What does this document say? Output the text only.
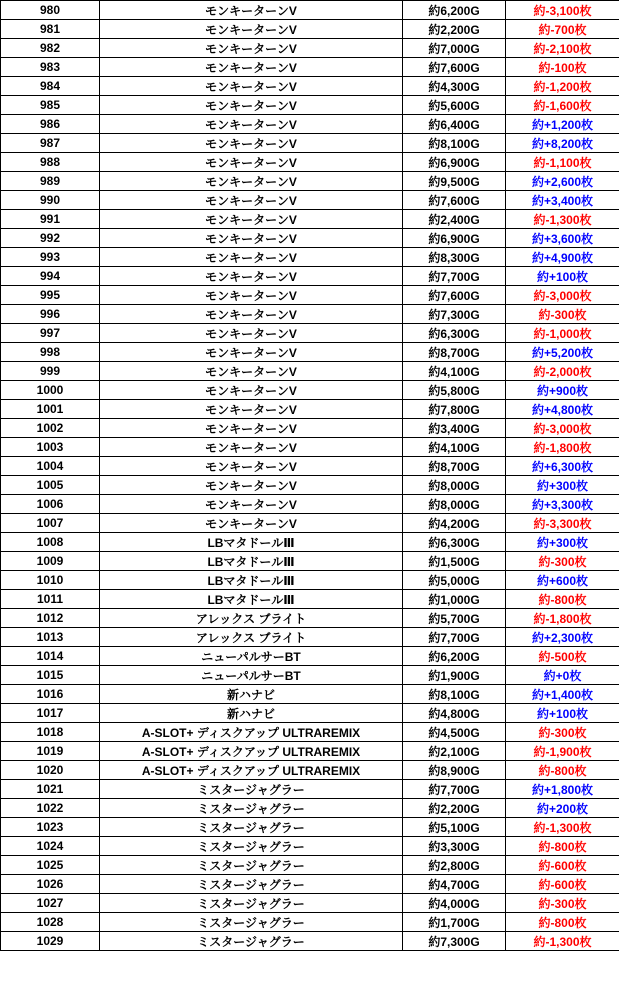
980	モンキーターンV	約6,200G	約-3,100枚
981	モンキーターンV	約2,200G	約-700枚
982	モンキーターンV	約7,000G	約-2,100枚
983	モンキーターンV	約7,600G	約-100枚
984	モンキーターンV	約4,300G	約-1,200枚
985	モンキーターンV	約5,600G	約-1,600枚
986	モンキーターンV	約6,400G	約+1,200枚
987	モンキーターンV	約8,100G	約+8,200枚
988	モンキーターンV	約6,900G	約-1,100枚
989	モンキーターンV	約9,500G	約+2,600枚
990	モンキーターンV	約7,600G	約+3,400枚
991	モンキーターンV	約2,400G	約-1,300枚
992	モンキーターンV	約6,900G	約+3,600枚
993	モンキーターンV	約8,300G	約+4,900枚
994	モンキーターンV	約7,700G	約+100枚
995	モンキーターンV	約7,600G	約-3,000枚
996	モンキーターンV	約7,300G	約-300枚
997	モンキーターンV	約6,300G	約-1,000枚
998	モンキーターンV	約8,700G	約+5,200枚
999	モンキーターンV	約4,100G	約-2,000枚
1000	モンキーターンV	約5,800G	約+900枚
1001	モンキーターンV	約7,800G	約+4,800枚
1002	モンキーターンV	約3,400G	約-3,000枚
1003	モンキーターンV	約4,100G	約-1,800枚
1004	モンキーターンV	約8,700G	約+6,300枚
1005	モンキーターンV	約8,000G	約+300枚
1006	モンキーターンV	約8,000G	約+3,300枚
1007	モンキーターンV	約4,200G	約-3,300枚
1008	LBマタドールⅢ	約6,300G	約+300枚
1009	LBマタドールⅢ	約1,500G	約-300枚
1010	LBマタドールⅢ	約5,000G	約+600枚
1011	LBマタドールⅢ	約1,000G	約-800枚
1012	アレックス ブライト	約5,700G	約-1,800枚
1013	アレックス ブライト	約7,700G	約+2,300枚
1014	ニューパルサーBT	約6,200G	約-500枚
1015	ニューパルサーBT	約1,900G	約+0枚
1016	新ハナビ	約8,100G	約+1,400枚
1017	新ハナビ	約4,800G	約+100枚
1018	A-SLOT+ ディスクアップ ULTRAREMIX	約4,500G	約-300枚
1019	A-SLOT+ ディスクアップ ULTRAREMIX	約2,100G	約-1,900枚
1020	A-SLOT+ ディスクアップ ULTRAREMIX	約8,900G	約-800枚
1021	ミスタージャグラー	約7,700G	約+1,800枚
1022	ミスタージャグラー	約2,200G	約+200枚
1023	ミスタージャグラー	約5,100G	約-1,300枚
1024	ミスタージャグラー	約3,300G	約-800枚
1025	ミスタージャグラー	約2,800G	約-600枚
1026	ミスタージャグラー	約4,700G	約-600枚
1027	ミスタージャグラー	約4,000G	約-300枚
1028	ミスタージャグラー	約1,700G	約-800枚
1029	ミスタージャグラー	約7,300G	約-1,300枚
